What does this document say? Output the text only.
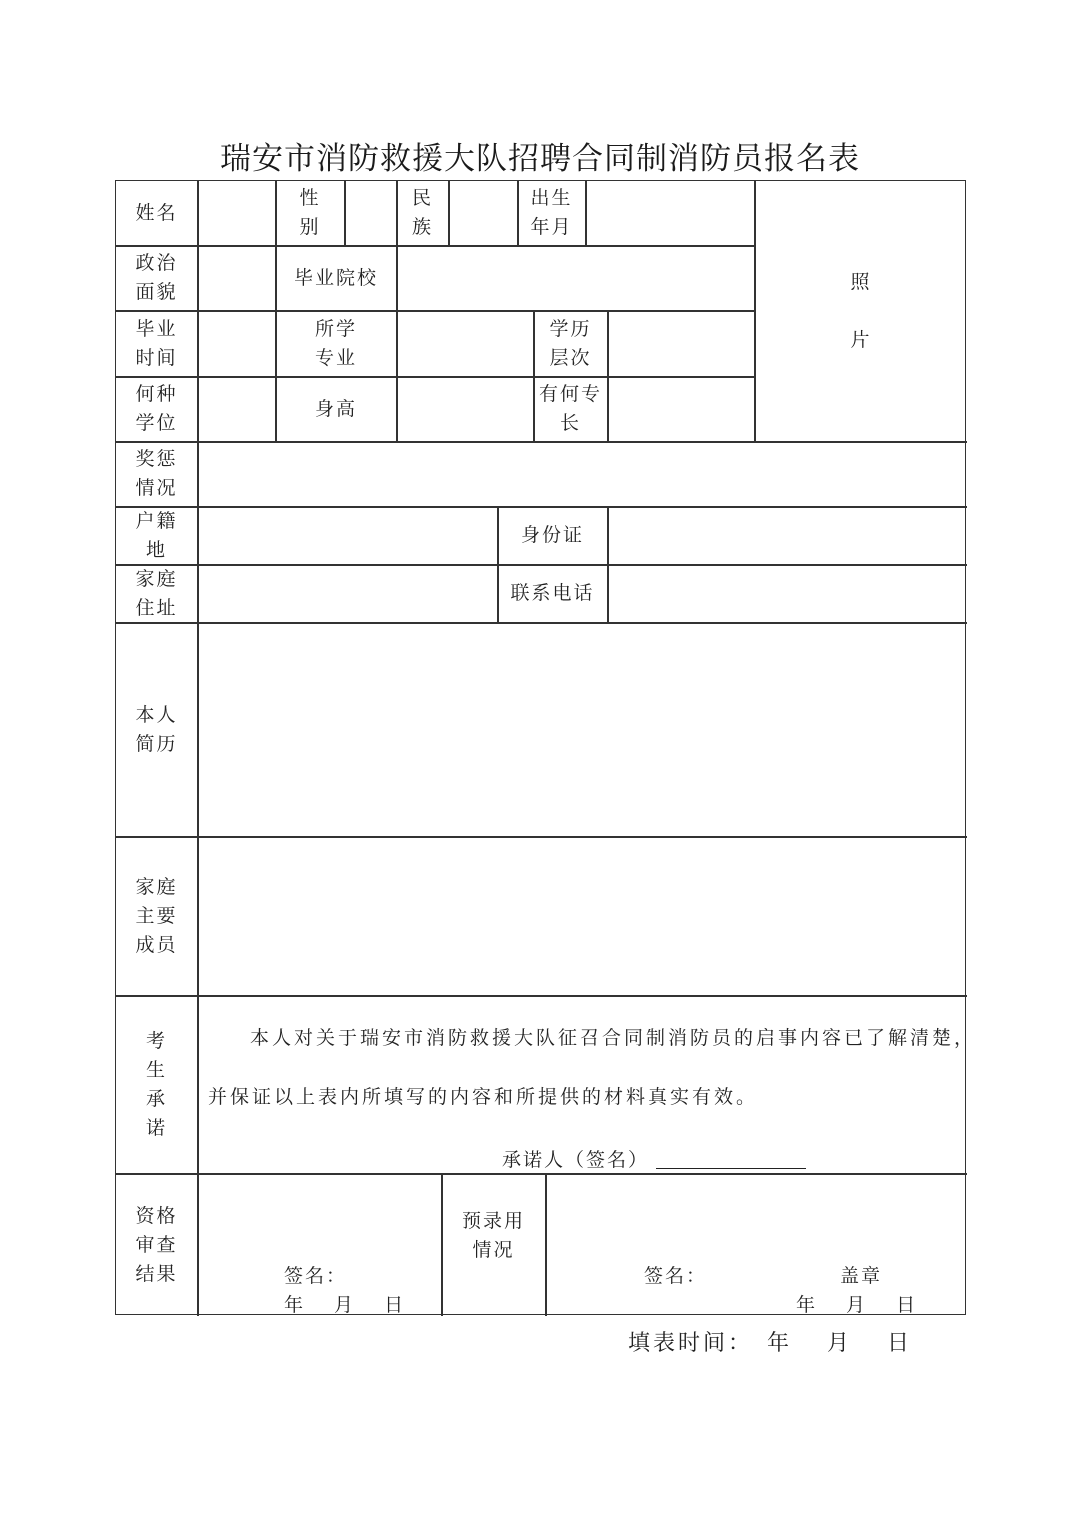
瑞安市消防救援大队招聘合同制消防员报名表
姓名
性
别
民
族
出生
年月
照

片
政治
面貌
毕业院校
毕业
时间
所学
专业
学历
层次
何种
学位
身高
有何专
长
奖惩
情况
户籍
地
身份证
家庭
住址
联系电话
本人
简历
家庭
主要
成员
考
生
承
诺
本人对关于瑞安市消防救援大队征召合同制消防员的启事内容已了解清楚，
并保证以上表内所填写的内容和所提供的材料真实有效。
承诺人（签名）
资格
审查
结果	签名：
年　 月　 日
预录用
情况
签名：	盖章
年　 月　 日
填表时间：　年　 月　 日
